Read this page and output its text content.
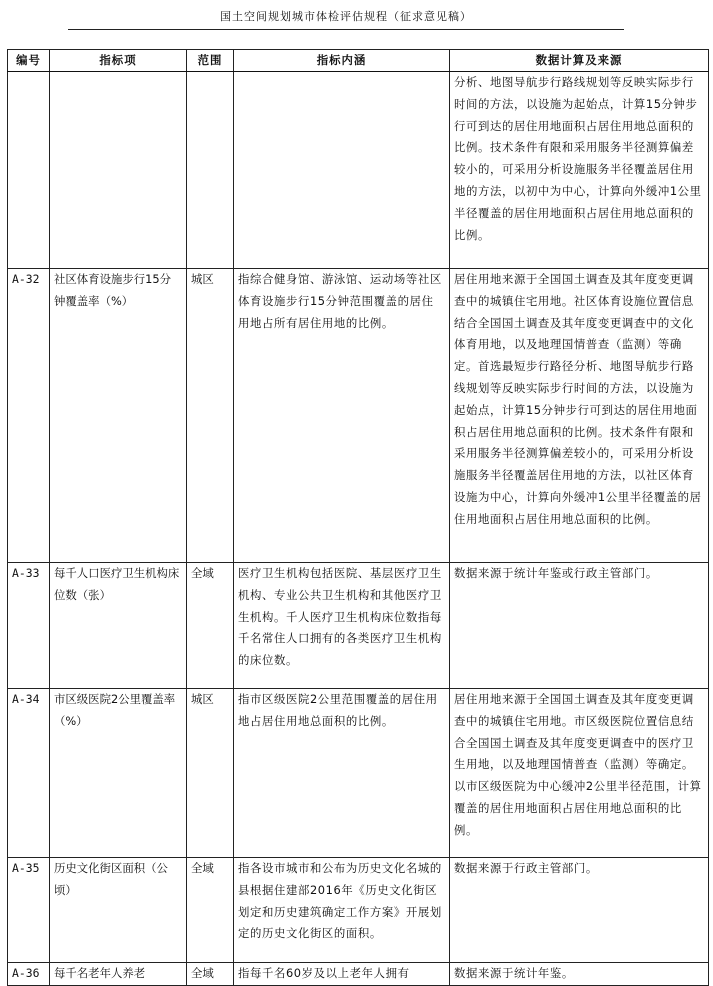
国土空间规划城市体检评估规程（征求意见稿）
编号	指标项	范围	指标内涵	数据计算及来源
				分析、地图导航步行路线规划等反映实际步行时间的方法，以设施为起始点，计算15分钟步行可到达的居住用地面积占居住用地总面积的比例。技术条件有限和采用服务半径测算偏差较小的，可采用分析设施服务半径覆盖居住用地的方法，以初中为中心，计算向外缓冲1公里半径覆盖的居住用地面积占居住用地总面积的比例。
A-32	社区体育设施步行15分钟覆盖率（%）	城区	指综合健身馆、游泳馆、运动场等社区体育设施步行15分钟范围覆盖的居住用地占所有居住用地的比例。	居住用地来源于全国国土调查及其年度变更调查中的城镇住宅用地。社区体育设施位置信息结合全国国土调查及其年度变更调查中的文化体育用地，以及地理国情普查（监测）等确定。首选最短步行路径分析、地图导航步行路线规划等反映实际步行时间的方法，以设施为起始点，计算15分钟步行可到达的居住用地面积占居住用地总面积的比例。技术条件有限和采用服务半径测算偏差较小的，可采用分析设施服务半径覆盖居住用地的方法，以社区体育设施为中心，计算向外缓冲1公里半径覆盖的居住用地面积占居住用地总面积的比例。
A-33	每千人口医疗卫生机构床位数（张）	全域	医疗卫生机构包括医院、基层医疗卫生机构、专业公共卫生机构和其他医疗卫生机构。千人医疗卫生机构床位数指每千名常住人口拥有的各类医疗卫生机构的床位数。	数据来源于统计年鉴或行政主管部门。
A-34	市区级医院2公里覆盖率（%）	城区	指市区级医院2公里范围覆盖的居住用地占居住用地总面积的比例。	居住用地来源于全国国土调查及其年度变更调查中的城镇住宅用地。市区级医院位置信息结合全国国土调查及其年度变更调查中的医疗卫生用地，以及地理国情普查（监测）等确定。以市区级医院为中心缓冲2公里半径范围，计算覆盖的居住用地面积占居住用地总面积的比例。
A-35	历史文化街区面积（公顷）	全域	指各设市城市和公布为历史文化名城的县根据住建部2016年《历史文化街区划定和历史建筑确定工作方案》开展划定的历史文化街区的面积。	数据来源于行政主管部门。
A-36	每千名老年人养老	全域	指每千名60岁及以上老年人拥有	数据来源于统计年鉴。
